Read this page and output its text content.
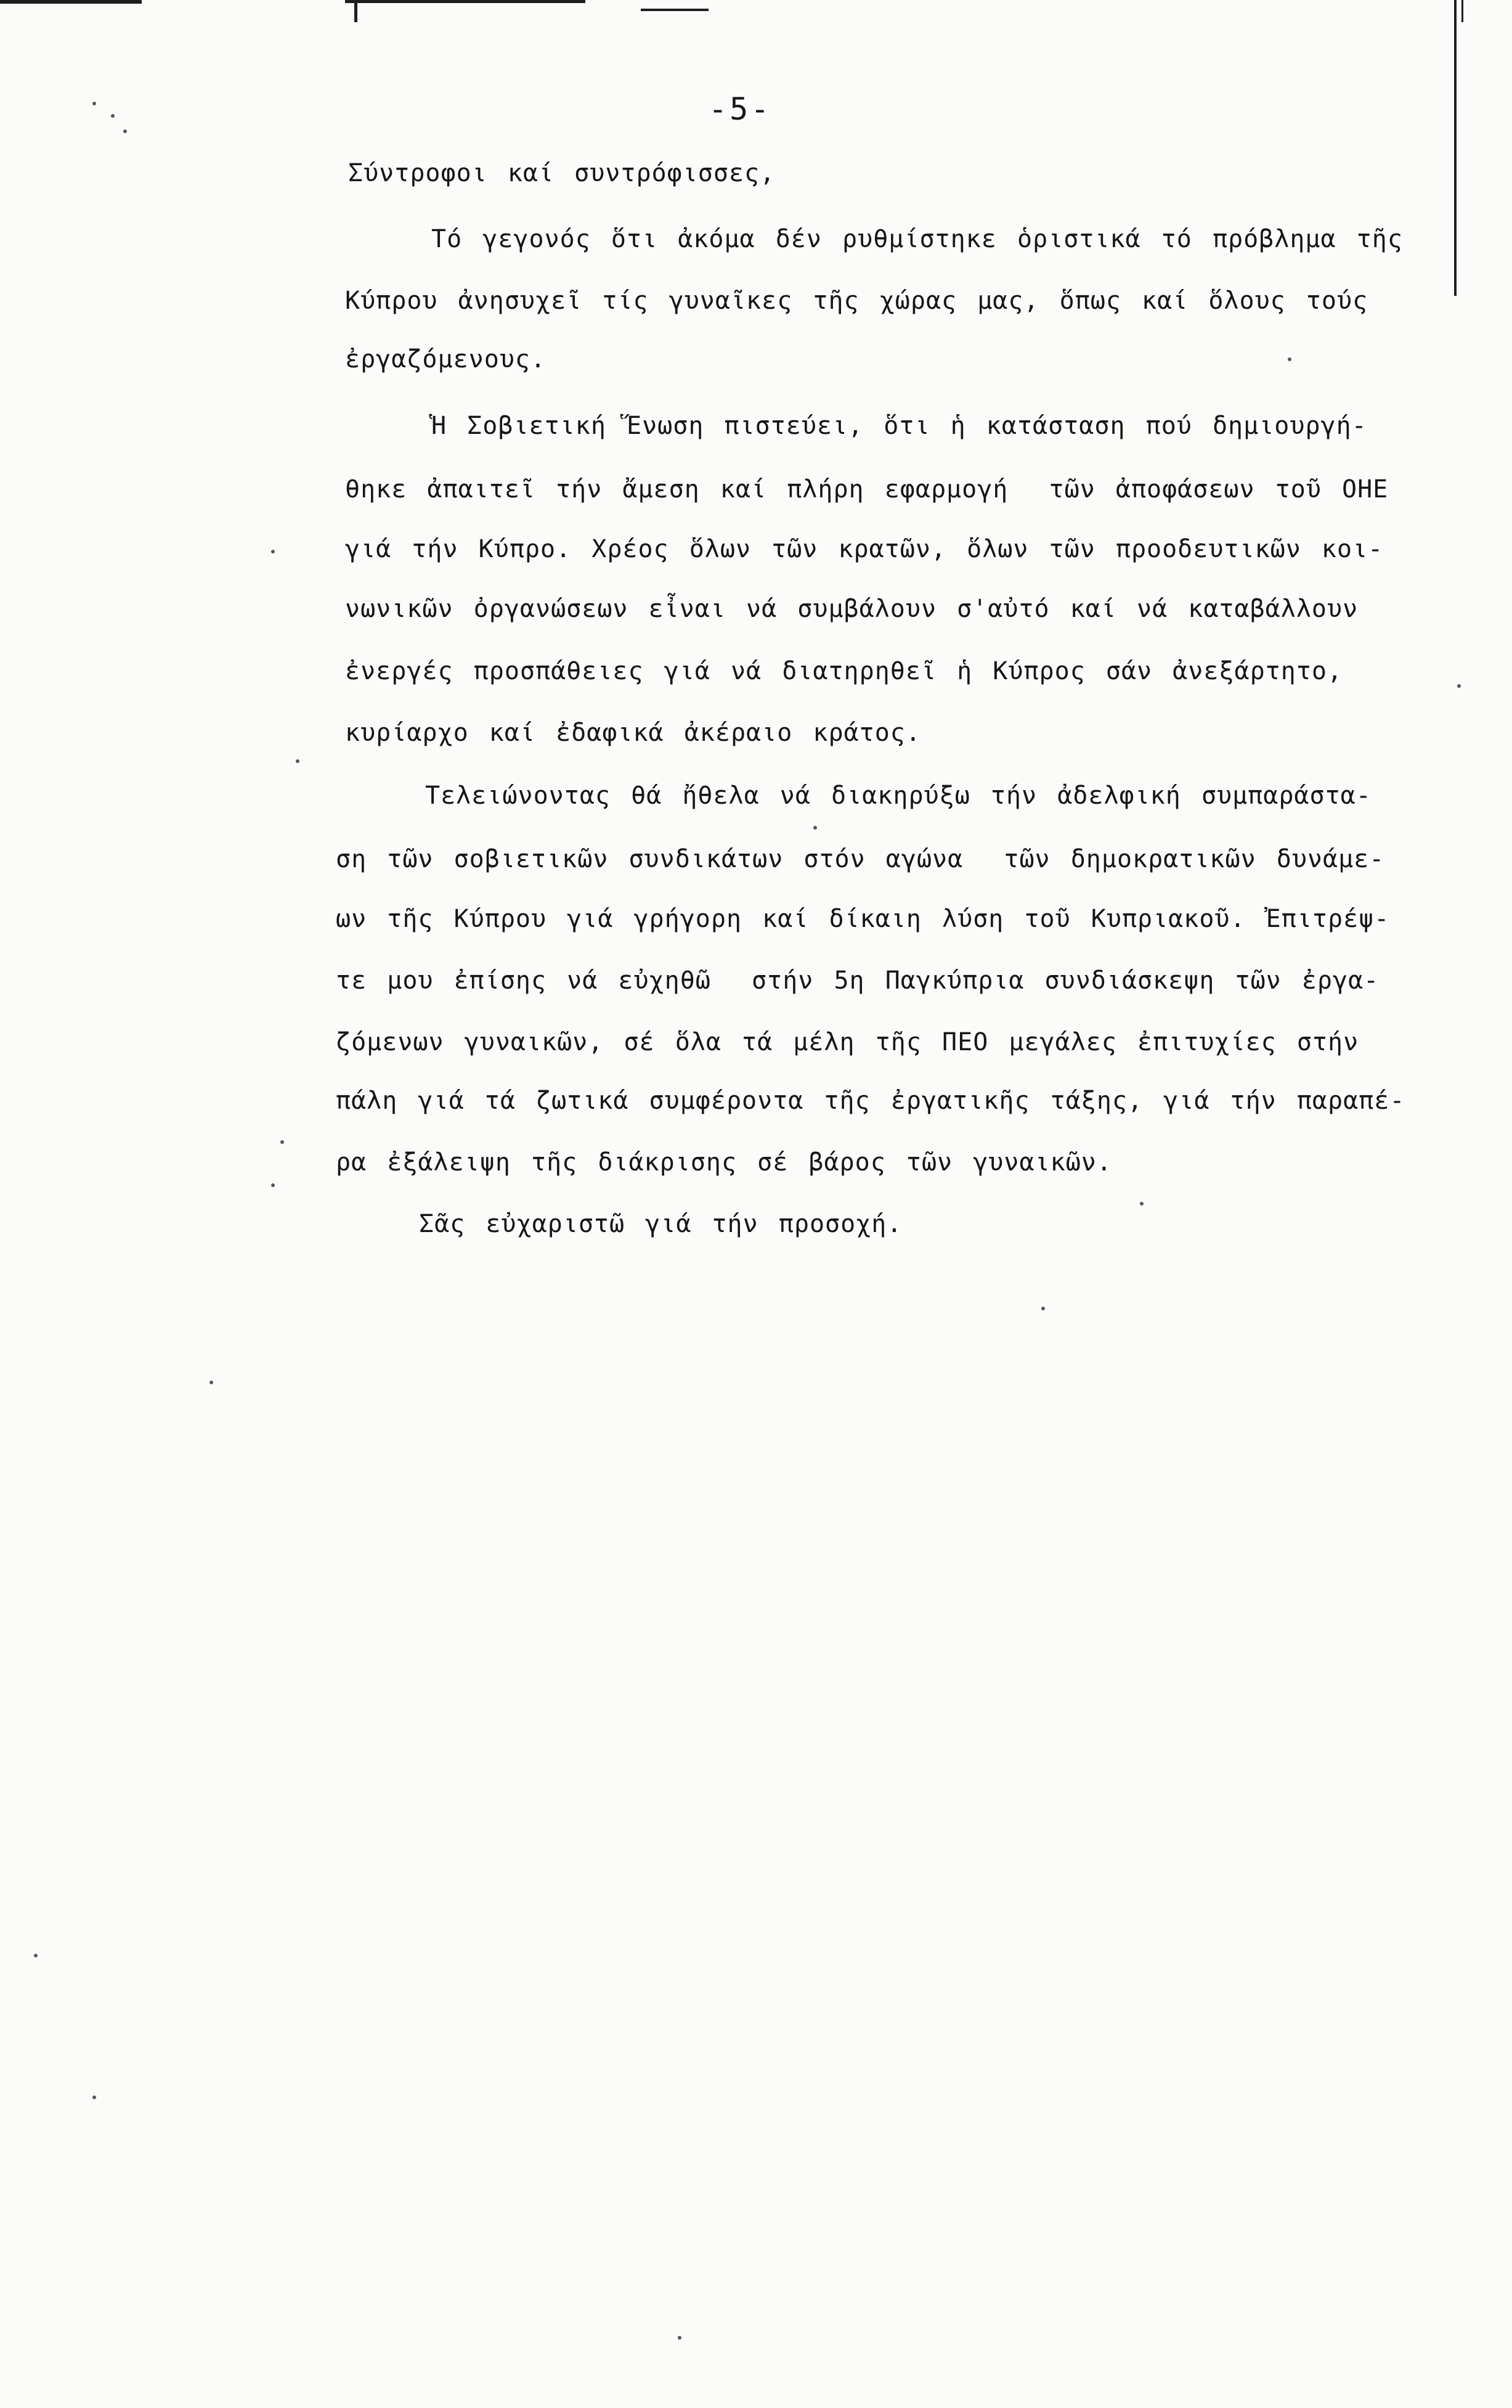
-5-
Σύντροφοι καί συντρόφισσες,
Τό γεγονός ὅτι ἀκόμα δέν ρυθμίστηκε ὁριστικά τό πρόβλημα τῆς
Κύπρου ἀνησυχεῖ τίς γυναῖκες τῆς χώρας μας, ὅπως καί ὅλους τούς
ἐργαζόμενους.
Ἡ Σοβιετική Ἕνωση πιστεύει, ὅτι ἡ κατάσταση πού δημιουργή-
θηκε ἀπαιτεῖ τήν ἄμεση καί πλήρη εφαρμογή  τῶν ἀποφάσεων τοῦ ΟΗΕ
γιά τήν Κύπρο. Χρέος ὅλων τῶν κρατῶν, ὅλων τῶν προοδευτικῶν κοι-
νωνικῶν ὀργανώσεων εἶναι νά συμβάλουν σ'αὐτό καί νά καταβάλλουν
ἐνεργές προσπάθειες γιά νά διατηρηθεῖ ἡ Κύπρος σάν ἀνεξάρτητο,
κυρίαρχο καί ἐδαφικά ἀκέραιο κράτος.
Τελειώνοντας θά ἤθελα νά διακηρύξω τήν ἀδελφική συμπαράστα-
ση τῶν σοβιετικῶν συνδικάτων στόν αγώνα  τῶν δημοκρατικῶν δυνάμε-
ων τῆς Κύπρου γιά γρήγορη καί δίκαιη λύση τοῦ Κυπριακοῦ. Ἐπιτρέψ-
τε μου ἐπίσης νά εὐχηθῶ  στήν 5η Παγκύπρια συνδιάσκεψη τῶν ἐργα-
ζόμενων γυναικῶν, σέ ὅλα τά μέλη τῆς ΠΕΟ μεγάλες ἐπιτυχίες στήν
πάλη γιά τά ζωτικά συμφέροντα τῆς ἐργατικῆς τάξης, γιά τήν παραπέ-
ρα ἐξάλειψη τῆς διάκρισης σέ βάρος τῶν γυναικῶν.
Σᾶς εὐχαριστῶ γιά τήν προσοχή.
